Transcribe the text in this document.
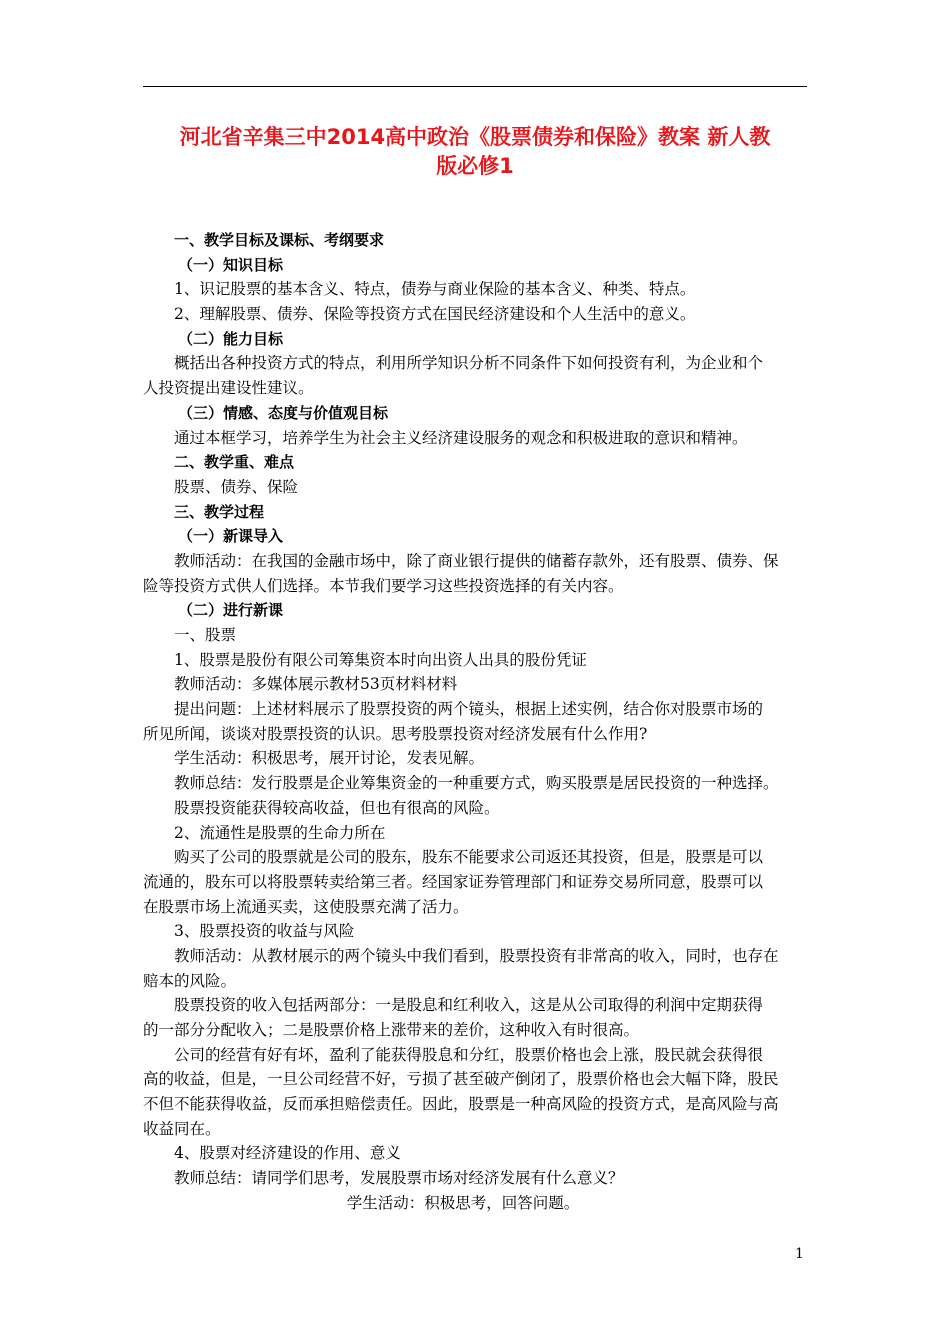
河北省辛集三中2014高中政治《股票债券和保险》教案 新人教
版必修1
一、教学目标及课标、考纲要求
（一）知识目标
1、识记股票的基本含义、特点，债券与商业保险的基本含义、种类、特点。
2、理解股票、债券、保险等投资方式在国民经济建设和个人生活中的意义。
（二）能力目标
概括出各种投资方式的特点，利用所学知识分析不同条件下如何投资有利，为企业和个
人投资提出建设性建议。
（三）情感、态度与价值观目标
通过本框学习，培养学生为社会主义经济建设服务的观念和积极进取的意识和精神。
二、教学重、难点
股票、债券、保险
三、教学过程
（一）新课导入
教师活动：在我国的金融市场中，除了商业银行提供的储蓄存款外，还有股票、债券、保
险等投资方式供人们选择。本节我们要学习这些投资选择的有关内容。
（二）进行新课
一、股票
1、股票是股份有限公司筹集资本时向出资人出具的股份凭证
教师活动：多媒体展示教材53页材料材料
提出问题：上述材料展示了股票投资的两个镜头，根据上述实例，结合你对股票市场的
所见所闻，谈谈对股票投资的认识。思考股票投资对经济发展有什么作用?
学生活动：积极思考，展开讨论，发表见解。
教师总结：发行股票是企业筹集资金的一种重要方式，购买股票是居民投资的一种选择。
股票投资能获得较高收益，但也有很高的风险。
2、流通性是股票的生命力所在
购买了公司的股票就是公司的股东，股东不能要求公司返还其投资，但是，股票是可以
流通的，股东可以将股票转卖给第三者。经国家证券管理部门和证券交易所同意，股票可以
在股票市场上流通买卖，这使股票充满了活力。
3、股票投资的收益与风险
教师活动：从教材展示的两个镜头中我们看到，股票投资有非常高的收入，同时，也存在
赔本的风险。
股票投资的收入包括两部分：一是股息和红利收入，这是从公司取得的利润中定期获得
的一部分分配收入；二是股票价格上涨带来的差价，这种收入有时很高。
公司的经营有好有坏，盈利了能获得股息和分红，股票价格也会上涨，股民就会获得很
高的收益，但是，一旦公司经营不好，亏损了甚至破产倒闭了，股票价格也会大幅下降，股民
不但不能获得收益，反而承担赔偿责任。因此，股票是一种高风险的投资方式，是高风险与高
收益同在。
4、股票对经济建设的作用、意义
教师总结：请同学们思考，发展股票市场对经济发展有什么意义？
学生活动：积极思考，回答问题。
1
